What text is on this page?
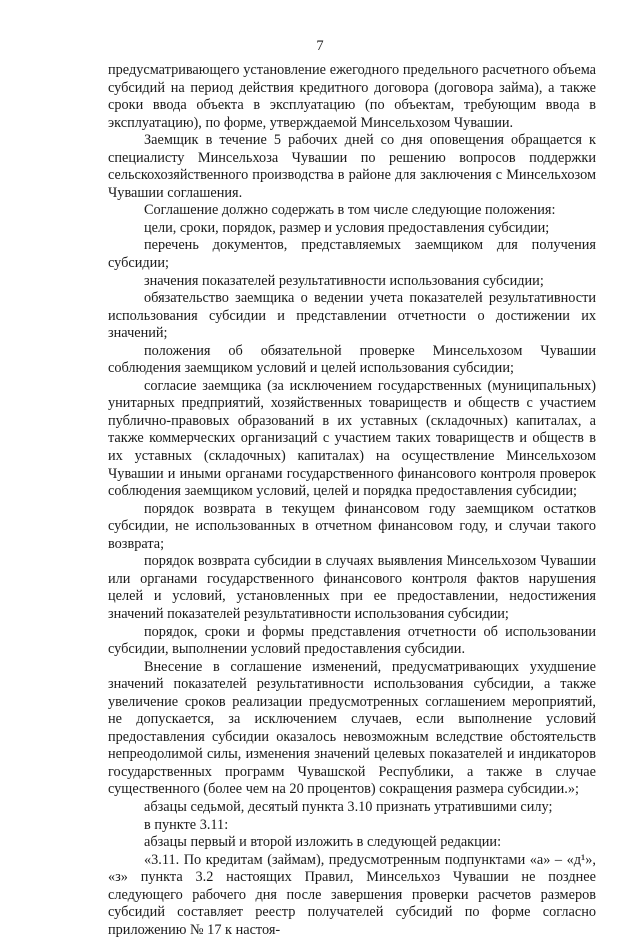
7

предусматривающего установление ежегодного предельного расчетного объема субсидий на период действия кредитного договора (договора займа), а также сроки ввода объекта в эксплуатацию (по объектам, требующим ввода в эксплуатацию), по форме, утверждаемой Минсельхозом Чувашии.

Заемщик в течение 5 рабочих дней со дня оповещения обращается к специалисту Минсельхоза Чувашии по решению вопросов поддержки сельскохозяйственного производства в районе для заключения с Минсельхозом Чувашии соглашения.

Соглашение должно содержать в том числе следующие положения:

цели, сроки, порядок, размер и условия предоставления субсидии;

перечень документов, представляемых заемщиком для получения субсидии;

значения показателей результативности использования субсидии;

обязательство заемщика о ведении учета показателей результативности использования субсидии и представлении отчетности о достижении их значений;

положения об обязательной проверке Минсельхозом Чувашии соблюдения заемщиком условий и целей использования субсидии;

согласие заемщика (за исключением государственных (муниципальных) унитарных предприятий, хозяйственных товариществ и обществ с участием публично-правовых образований в их уставных (складочных) капиталах, а также коммерческих организаций с участием таких товариществ и обществ в их уставных (складочных) капиталах) на осуществление Минсельхозом Чувашии и иными органами государственного финансового контроля проверок соблюдения заемщиком условий, целей и порядка предоставления субсидии;

порядок возврата в текущем финансовом году заемщиком остатков субсидии, не использованных в отчетном финансовом году, и случаи такого возврата;

порядок возврата субсидии в случаях выявления Минсельхозом Чувашии или органами государственного финансового контроля фактов нарушения целей и условий, установленных при ее предоставлении, недостижения значений показателей результативности использования субсидии;

порядок, сроки и формы представления отчетности об использовании субсидии, выполнении условий предоставления субсидии.

Внесение в соглашение изменений, предусматривающих ухудшение значений показателей результативности использования субсидии, а также увеличение сроков реализации предусмотренных соглашением мероприятий, не допускается, за исключением случаев, если выполнение условий предоставления субсидии оказалось невозможным вследствие обстоятельств непреодолимой силы, изменения значений целевых показателей и индикаторов государственных программ Чувашской Республики, а также в случае существенного (более чем на 20 процентов) сокращения размера субсидии.»;

абзацы седьмой, десятый пункта 3.10 признать утратившими силу;

в пункте 3.11:

абзацы первый и второй изложить в следующей редакции:

«3.11. По кредитам (займам), предусмотренным подпунктами «а» – «д¹», «з» пункта 3.2 настоящих Правил, Минсельхоз Чувашии не позднее следующего рабочего дня после завершения проверки расчетов размеров субсидий составляет реестр получателей субсидий по форме согласно приложению № 17 к настоя-
